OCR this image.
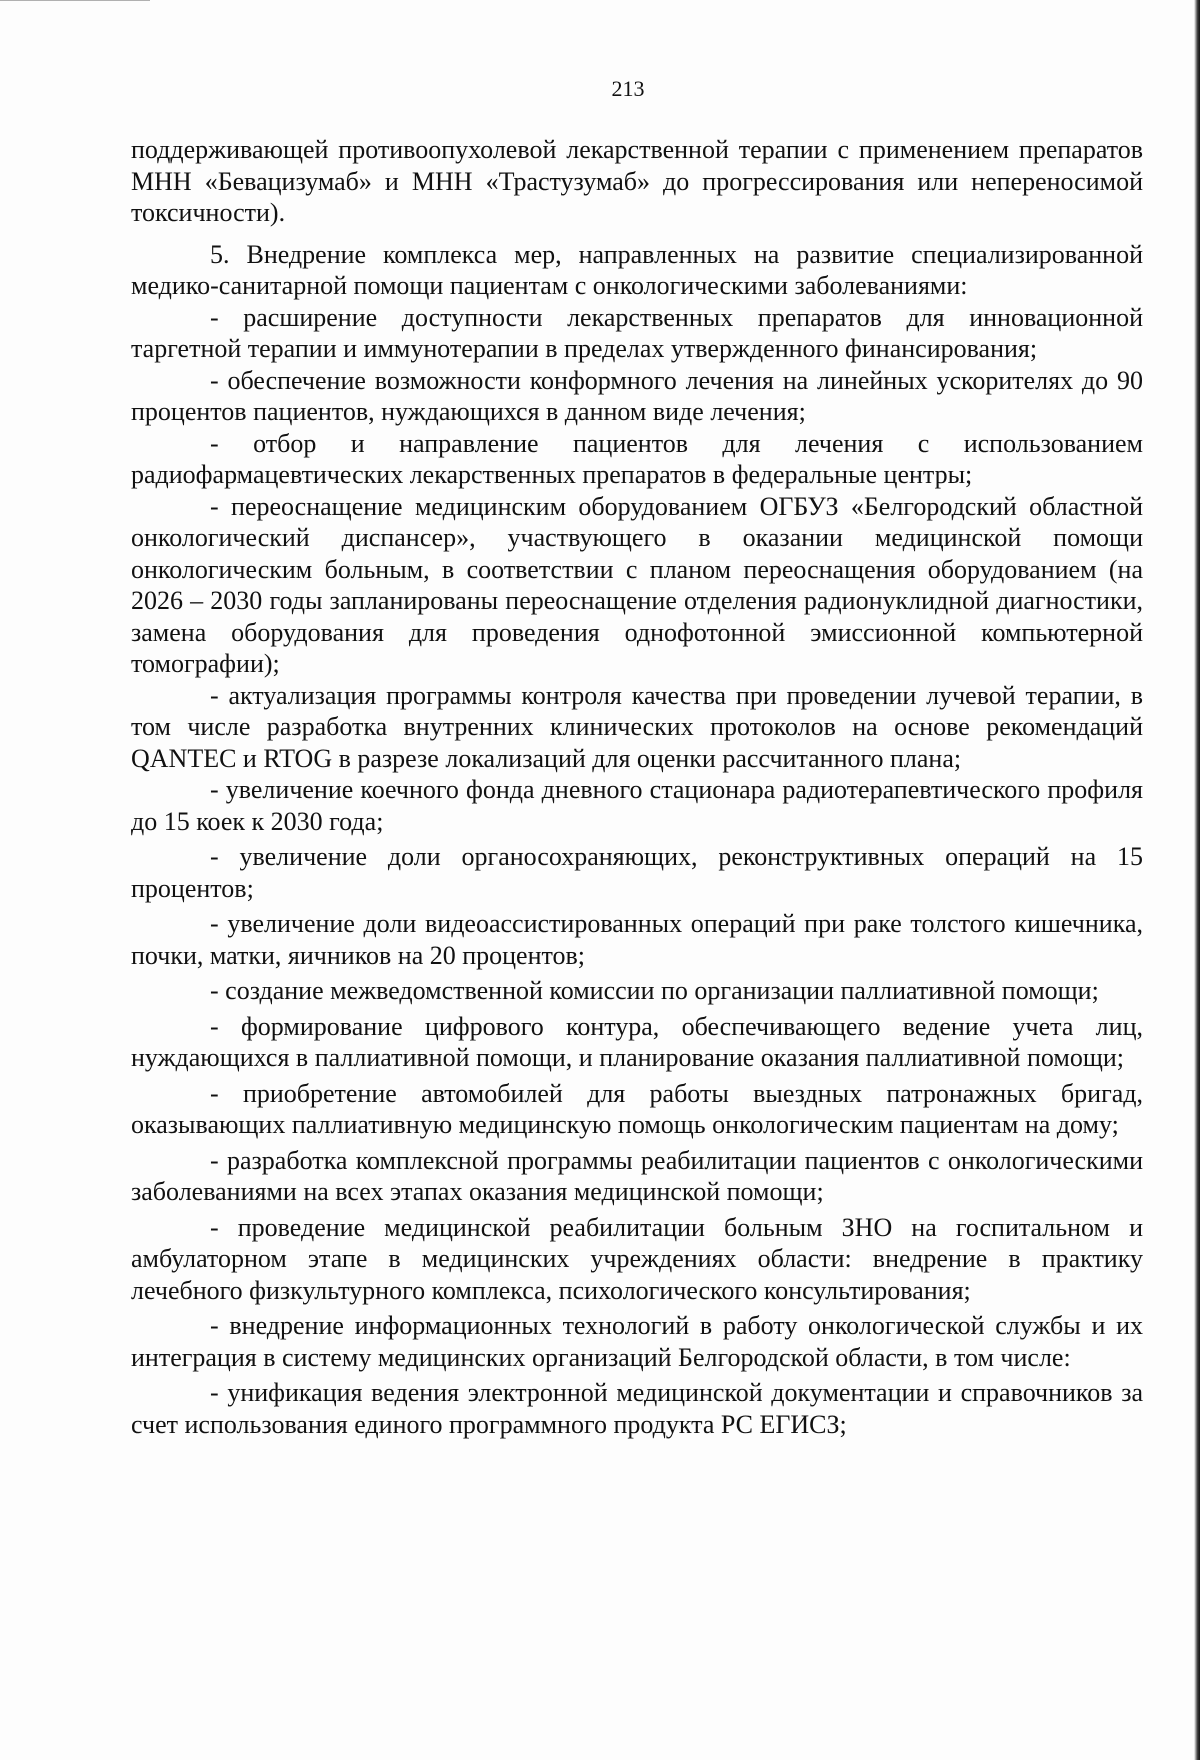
213

поддерживающей противоопухолевой лекарственной терапии с применением препаратов МНН «Бевацизумаб» и МНН «Трастузумаб» до прогрессирования или непереносимой токсичности).

5. Внедрение комплекса мер, направленных на развитие специализированной медико-санитарной помощи пациентам с онкологическими заболеваниями:

- расширение доступности лекарственных препаратов для инновационной таргетной терапии и иммунотерапии в пределах утвержденного финансирования;

- обеспечение возможности конформного лечения на линейных ускорителях до 90 процентов пациентов, нуждающихся в данном виде лечения;

- отбор и направление пациентов для лечения с использованием радиофармацевтических лекарственных препаратов в федеральные центры;

- переоснащение медицинским оборудованием ОГБУЗ «Белгородский областной онкологический диспансер», участвующего в оказании медицинской помощи онкологическим больным, в соответствии с планом переоснащения оборудованием (на 2026 – 2030 годы запланированы переоснащение отделения радионуклидной диагностики, замена оборудования для проведения однофотонной эмиссионной компьютерной томографии);

- актуализация программы контроля качества при проведении лучевой терапии, в том числе разработка внутренних клинических протоколов на основе рекомендаций QANTEC и RTOG в разрезе локализаций для оценки рассчитанного плана;

- увеличение коечного фонда дневного стационара радиотерапевтического профиля до 15 коек к 2030 года;

- увеличение доли органосохраняющих, реконструктивных операций на 15 процентов;

- увеличение доли видеоассистированных операций при раке толстого кишечника, почки, матки, яичников на 20 процентов;

- создание межведомственной комиссии по организации паллиативной помощи;

- формирование цифрового контура, обеспечивающего ведение учета лиц, нуждающихся в паллиативной помощи, и планирование оказания паллиативной помощи;

- приобретение автомобилей для работы выездных патронажных бригад, оказывающих паллиативную медицинскую помощь онкологическим пациентам на дому;

- разработка комплексной программы реабилитации пациентов с онкологическими заболеваниями на всех этапах оказания медицинской помощи;

- проведение медицинской реабилитации больным ЗНО на госпитальном и амбулаторном этапе в медицинских учреждениях области: внедрение в практику лечебного физкультурного комплекса, психологического консультирования;

- внедрение информационных технологий в работу онкологической службы и их интеграция в систему медицинских организаций Белгородской области, в том числе:

- унификация ведения электронной медицинской документации и справочников за счет использования единого программного продукта РС ЕГИСЗ;
